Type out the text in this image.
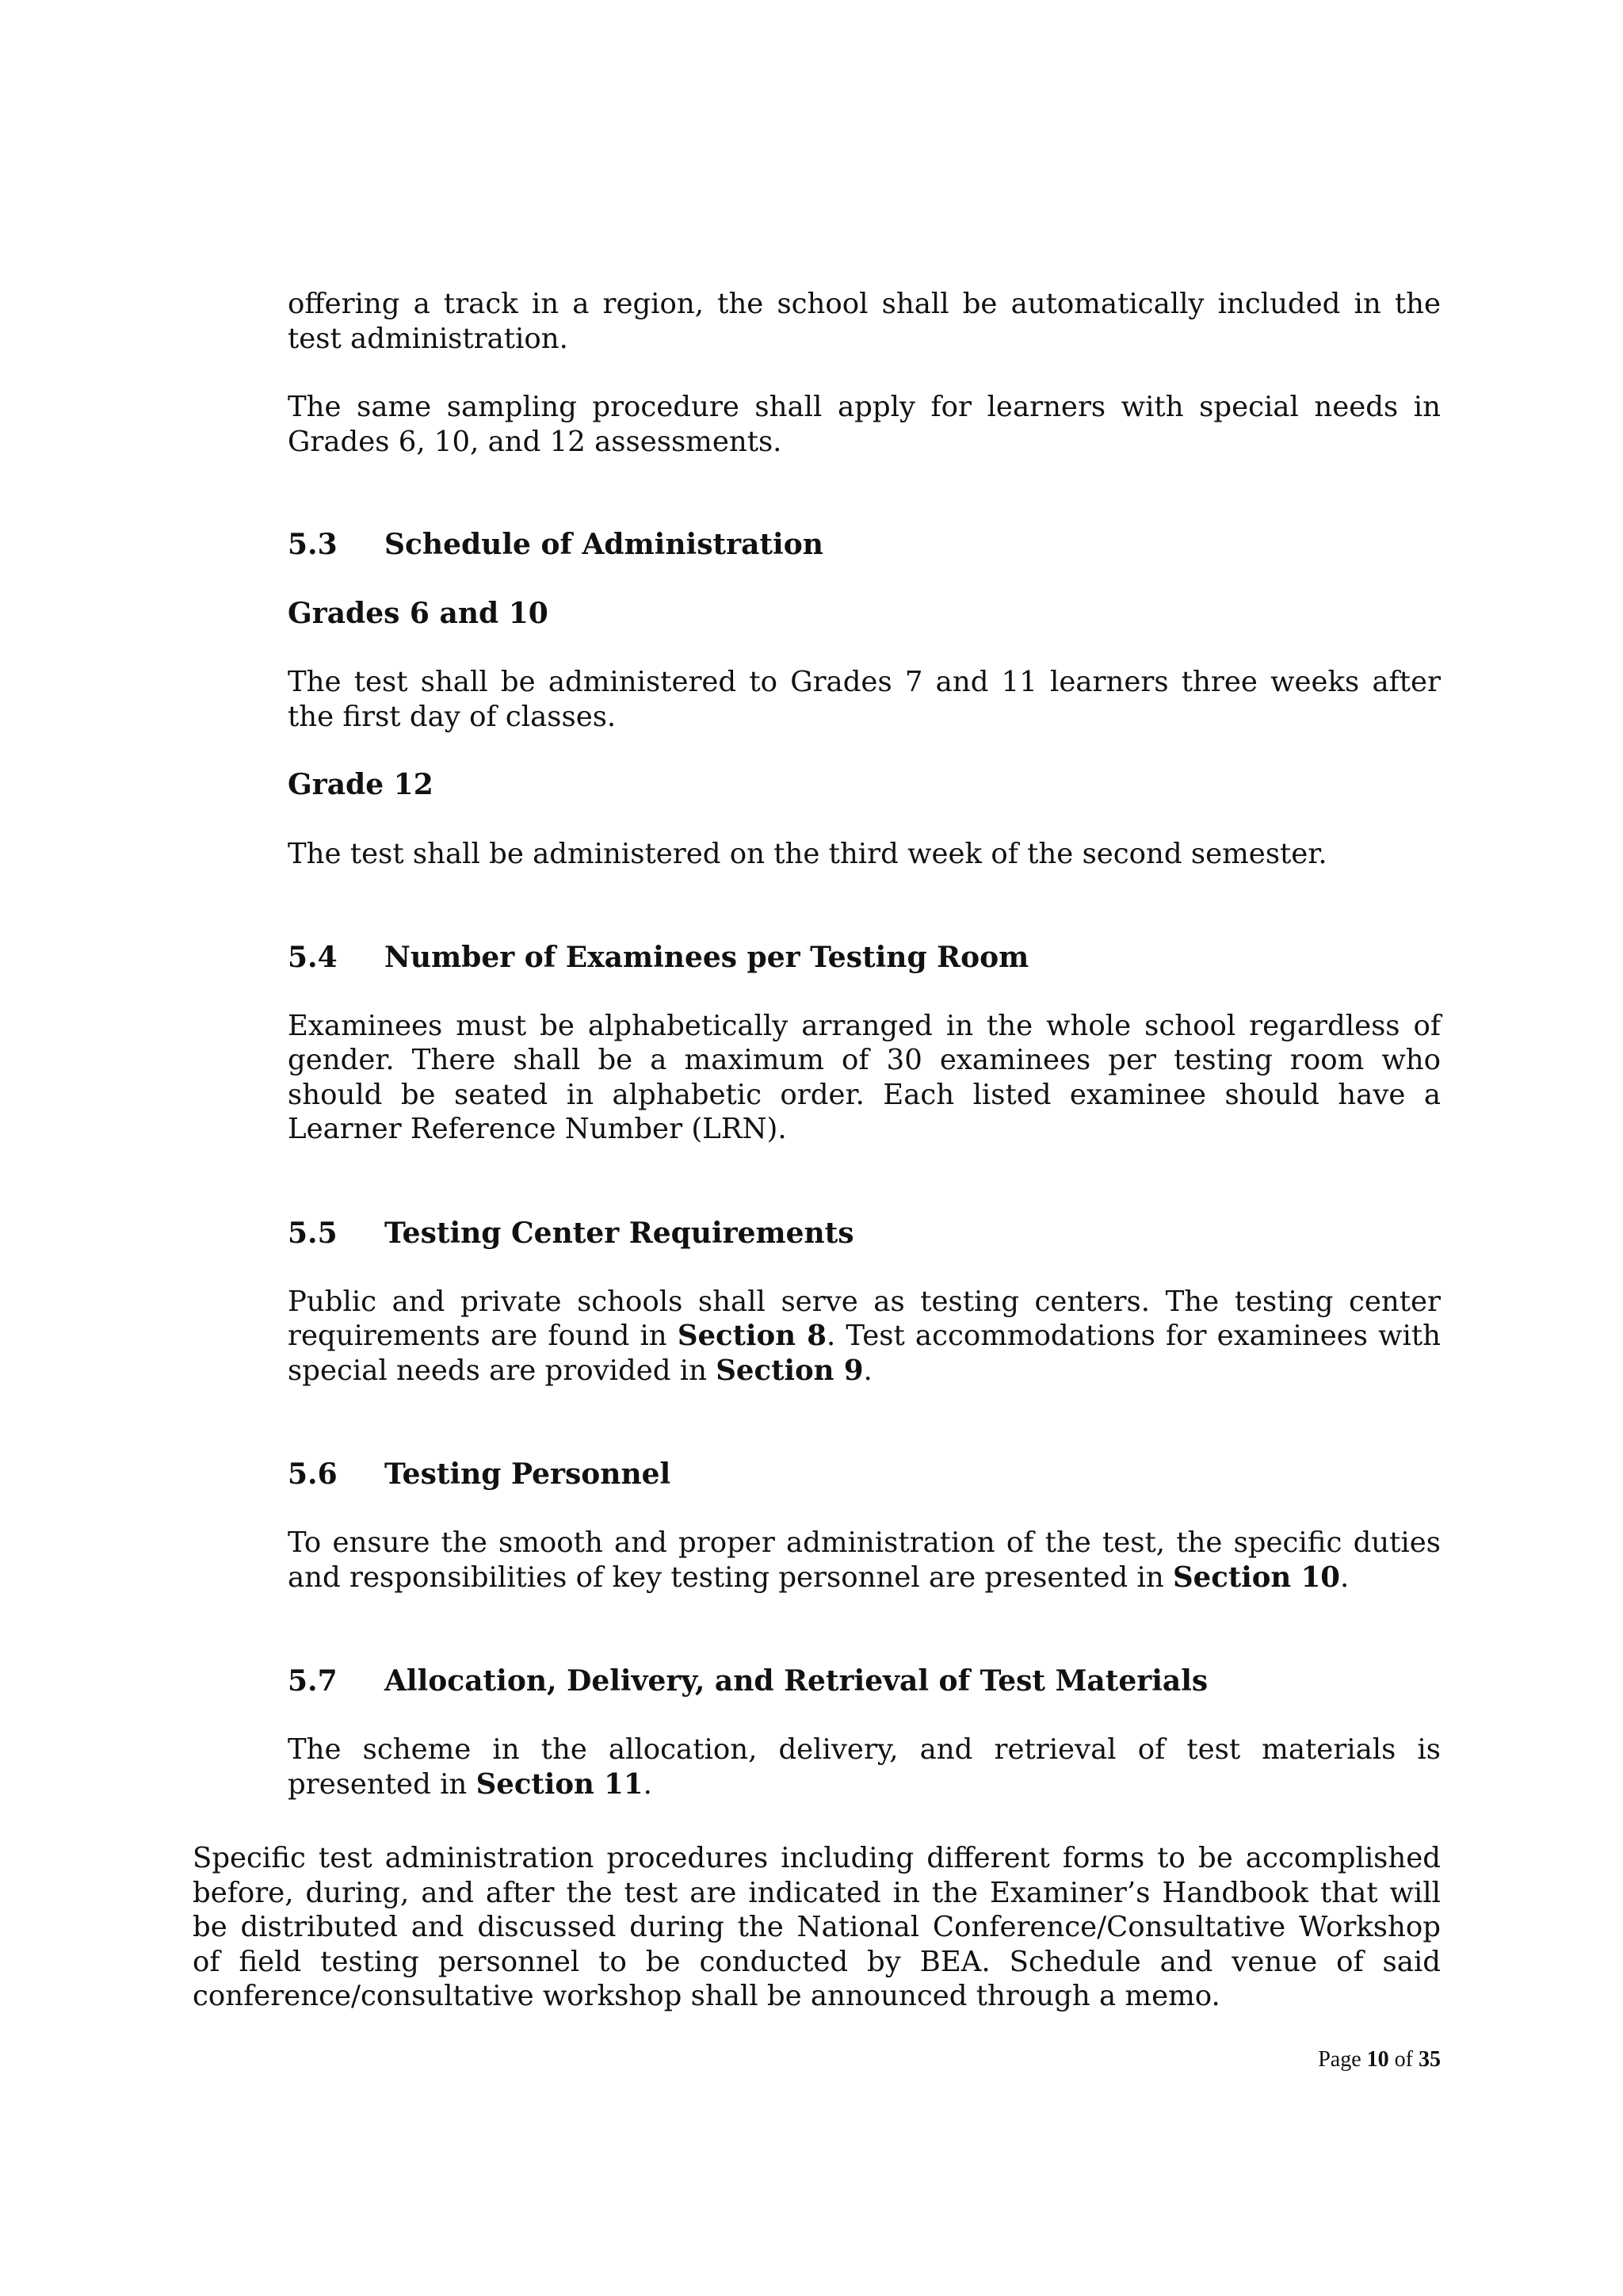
offering a track in a region, the school shall be automatically included in the test administration.

The same sampling procedure shall apply for learners with special needs in Grades 6, 10, and 12 assessments.

5.3	Schedule of Administration
Grades 6 and 10

The test shall be administered to Grades 7 and 11 learners three weeks after the first day of classes.

Grade 12

The test shall be administered on the third week of the second semester.

5.4	Number of Examinees per Testing Room

Examinees must be alphabetically arranged in the whole school regardless of gender. There shall be a maximum of 30 examinees per testing room who should be seated in alphabetic order. Each listed examinee should have a Learner Reference Number (LRN).

5.5	Testing Center Requirements

Public and private schools shall serve as testing centers. The testing center requirements are found in Section 8. Test accommodations for examinees with special needs are provided in Section 9.

5.6	Testing Personnel

To ensure the smooth and proper administration of the test, the specific duties and responsibilities of key testing personnel are presented in Section 10.

5.7	Allocation, Delivery, and Retrieval of Test Materials

The scheme in the allocation, delivery, and retrieval of test materials is presented in Section 11.

Specific test administration procedures including different forms to be accomplished before, during, and after the test are indicated in the Examiner’s Handbook that will be distributed and discussed during the National Conference/Consultative Workshop of field testing personnel to be conducted by BEA. Schedule and venue of said conference/consultative workshop shall be announced through a memo.

Page 10 of 35
